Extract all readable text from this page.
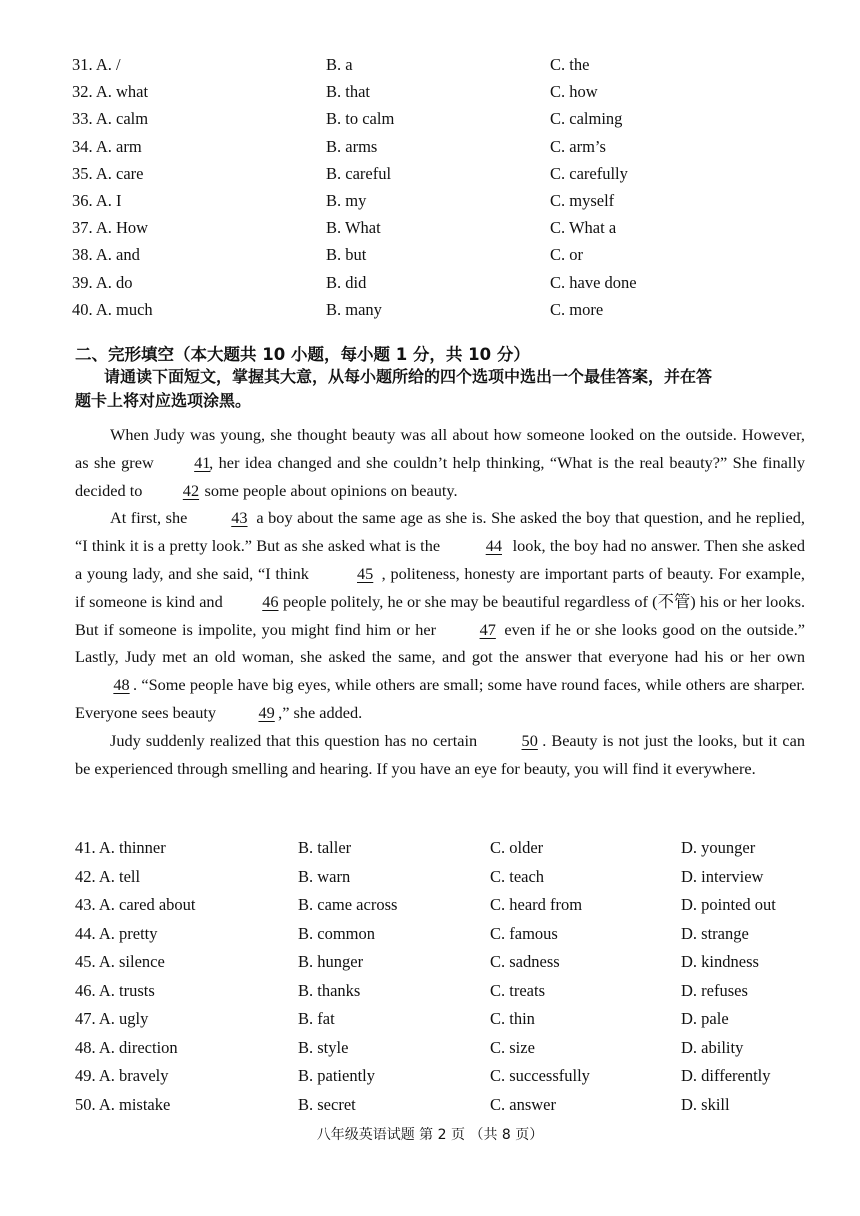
31. A. /	B. a	C. the
32. A. what	B. that	C. how
33. A. calm	B. to calm	C. calming
34. A. arm	B. arms	C. arm’s
35. A. care	B. careful	C. carefully
36. A. I	B. my	C. myself
37. A. How	B. What	C. What a
38. A. and	B. but	C. or
39. A. do	B. did	C. have done
40. A. much	B. many	C. more
二、完形填空（本大题共 10 小题，每小题 1 分，共 10 分）
请通读下面短文，掌握其大意，从每小题所给的四个选项中选出一个最佳答案，并在答
题卡上将对应选项涂黑。

When Judy was young, she thought beauty was all about how someone looked on the outside. However, as she grew 41, her idea changed and she couldn’t help thinking, “What is the real beauty?” She finally decided to 42 some people about opinions on beauty.

At first, she 43 a boy about the same age as she is. She asked the boy that question, and he replied, “I think it is a pretty look.” But as she asked what is the	44 look, the boy had no answer. Then she asked a young lady, and she said, “I think	45 , politeness, honesty are important parts of beauty. For example, if someone is kind and 46 people politely, he or she may be beautiful regardless of (不管) his or her looks. But if someone is impolite, you might find him or her 47 even if he or she looks good on the outside.” Lastly, Judy met an old woman, she asked the same, and got the answer that everyone had his or her own 48 . “Some people have big eyes, while others are small; some have round faces, while others are sharper. Everyone sees beauty 49 ,” she added.

Judy suddenly realized that this question has no certain 50 . Beauty is not just the looks, but it can be experienced through smelling and hearing. If you have an eye for beauty, you will find it everywhere.

41. A. thinner	B. taller	C. older	D. younger
42. A. tell	B. warn	C. teach	D. interview
43. A. cared about	B. came across	C. heard from	D. pointed out
44. A. pretty	B. common	C. famous	D. strange
45. A. silence	B. hunger	C. sadness	D. kindness
46. A. trusts	B. thanks	C. treats	D. refuses
47. A. ugly	B. fat	C. thin	D. pale
48. A. direction	B. style	C. size	D. ability
49. A. bravely	B. patiently	C. successfully	D. differently
50. A. mistake	B. secret	C. answer	D. skill
八年级英语试题 第 2 页 （共 8 页）
